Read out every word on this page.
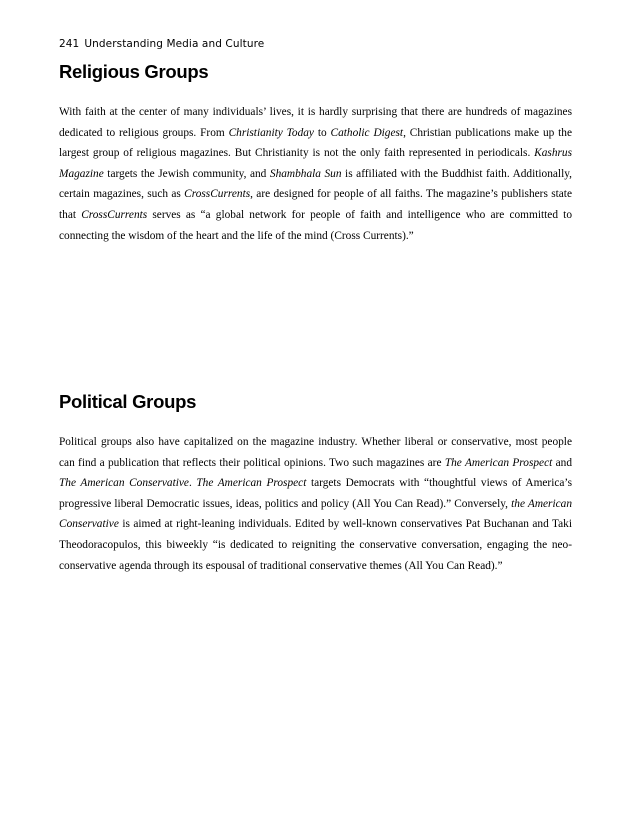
241 Understanding Media and Culture
Religious Groups

With faith at the center of many individuals’ lives, it is hardly surprising that there are hundreds of magazines dedicated to religious groups. From Christianity Today to Catholic Digest, Christian publications make up the largest group of religious magazines. But Christianity is not the only faith represented in periodicals. Kashrus Magazine targets the Jewish community, and Shambhala Sun is affiliated with the Buddhist faith. Additionally, certain magazines, such as CrossCurrents, are designed for people of all faiths. The magazine’s publishers state that CrossCurrents serves as “a global network for people of faith and intelligence who are committed to connecting the wisdom of the heart and the life of the mind (Cross Currents).”

Political Groups

Political groups also have capitalized on the magazine industry. Whether liberal or conservative, most people can find a publication that reflects their political opinions. Two such magazines are The American Prospect and The American Conservative. The American Prospect targets Democrats with “thoughtful views of America’s progressive liberal Democratic issues, ideas, politics and policy (All You Can Read).” Conversely, the American Conservative is aimed at right-leaning individuals. Edited by well-known conservatives Pat Buchanan and Taki Theodoracopulos, this biweekly “is dedicated to reigniting the conservative conversation, engaging the neo-conservative agenda through its espousal of traditional conservative themes (All You Can Read).”
